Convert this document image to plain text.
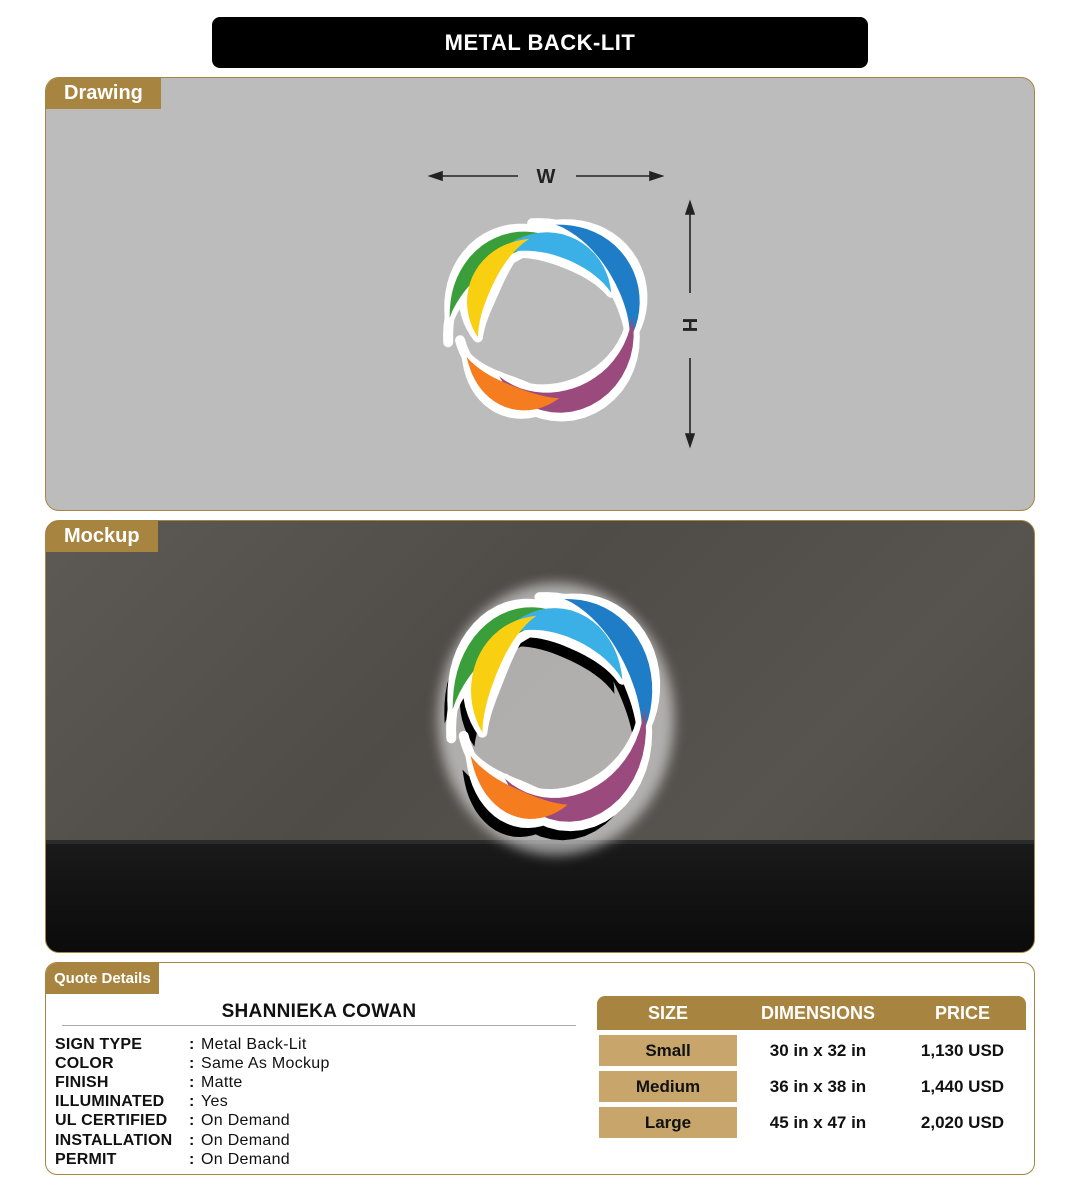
METAL BACK-LIT
Drawing
W
H
Mockup
Quote Details
SHANNIEKA COWAN
SIGN TYPE	: Metal Back-Lit
COLOR	: Same As Mockup
FINISH	: Matte
ILLUMINATED	: Yes
UL CERTIFIED	: On Demand
INSTALLATION	: On Demand
PERMIT	: On Demand
SIZE	DIMENSIONS	PRICE
Small	30 in x 32 in	1,130 USD
Medium	36 in x 38 in	1,440 USD
Large	45 in x 47 in	2,020 USD
